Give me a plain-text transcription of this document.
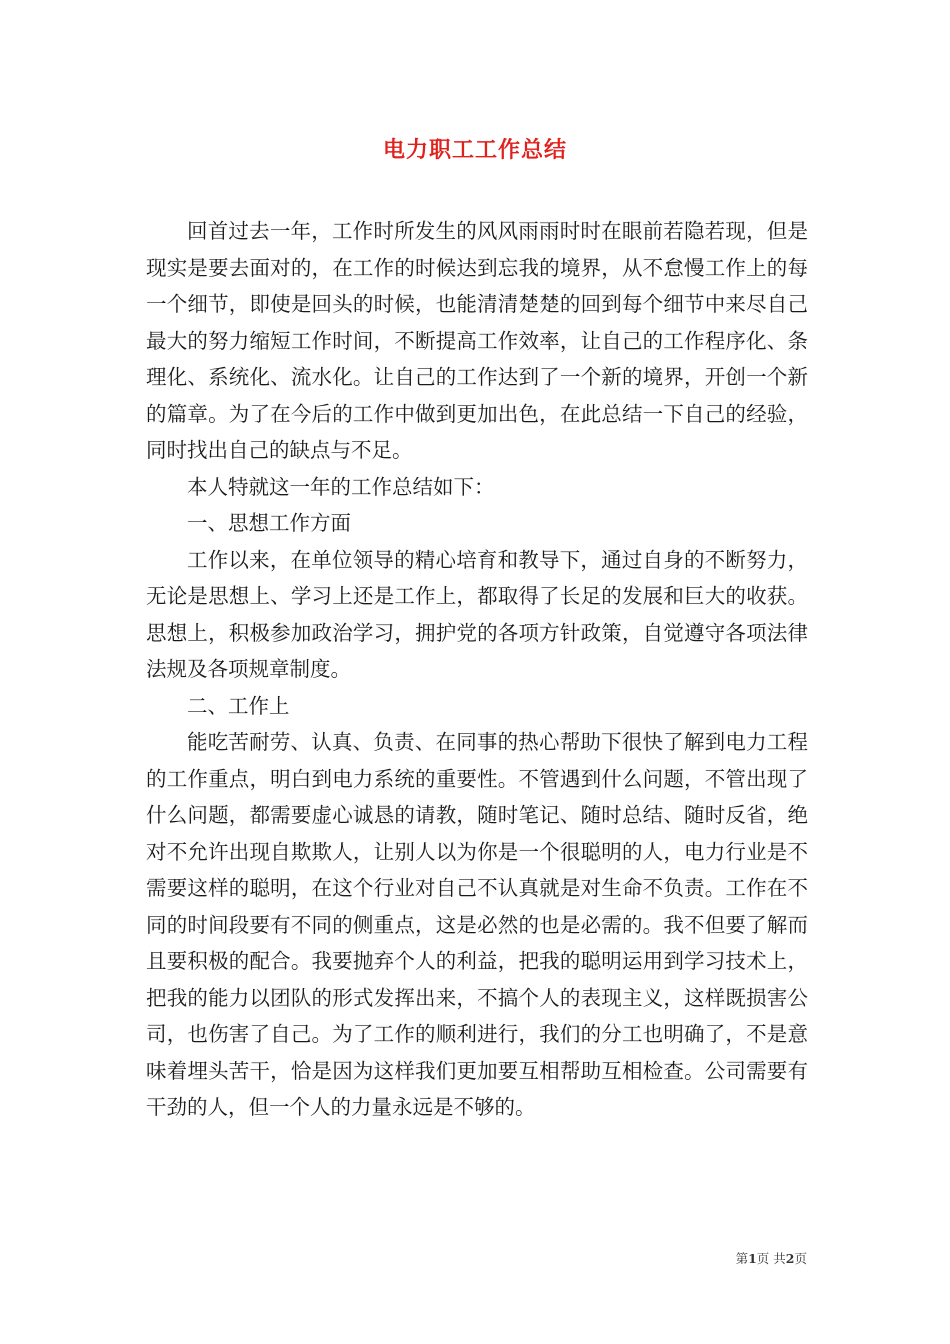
电力职工工作总结

回首过去一年，工作时所发生的风风雨雨时时在眼前若隐若现，但是现实是要去面对的，在工作的时候达到忘我的境界，从不怠慢工作上的每一个细节，即使是回头的时候，也能清清楚楚的回到每个细节中来尽自己最大的努力缩短工作时间，不断提高工作效率，让自己的工作程序化、条理化、系统化、流水化。让自己的工作达到了一个新的境界，开创一个新的篇章。为了在今后的工作中做到更加出色，在此总结一下自己的经验，同时找出自己的缺点与不足。

本人特就这一年的工作总结如下：

一、思想工作方面

工作以来，在单位领导的精心培育和教导下，通过自身的不断努力，无论是思想上、学习上还是工作上，都取得了长足的发展和巨大的收获。思想上，积极参加政治学习，拥护党的各项方针政策，自觉遵守各项法律法规及各项规章制度。

二、工作上

能吃苦耐劳、认真、负责、在同事的热心帮助下很快了解到电力工程的工作重点，明白到电力系统的重要性。不管遇到什么问题，不管出现了什么问题，都需要虚心诚恳的请教，随时笔记、随时总结、随时反省，绝对不允许出现自欺欺人，让别人以为你是一个很聪明的人，电力行业是不需要这样的聪明，在这个行业对自己不认真就是对生命不负责。工作在不同的时间段要有不同的侧重点，这是必然的也是必需的。我不但要了解而且要积极的配合。我要抛弃个人的利益，把我的聪明运用到学习技术上，把我的能力以团队的形式发挥出来，不搞个人的表现主义，这样既损害公司，也伤害了自己。为了工作的顺利进行，我们的分工也明确了，不是意味着埋头苦干，恰是因为这样我们更加要互相帮助互相检查。公司需要有干劲的人，但一个人的力量永远是不够的。

第1页 共2页
